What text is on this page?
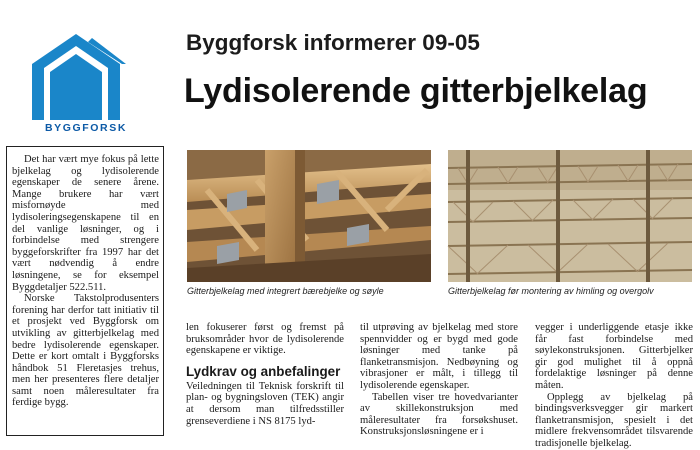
BYGGFORSK
Byggforsk informerer 09-05
Lydisolerende gitterbjelkelag

Det har vært mye fokus på lette bjelkelag og lydisolerende egenskaper de senere årene. Mange brukere har vært misfornøyde med lydisoleringsegenskapene til en del vanlige løsninger, og i forbindelse med strengere byggeforskrifter fra 1997 har det vært nødvendig å endre løsningene, se for eksempel Byggdetaljer 522.511.

Norske Takstolprodusenters forening har derfor tatt initiativ til et prosjekt ved Byggforsk om utvikling av gitterbjelkelag med bedre lydisolerende egenskaper. Dette er kort omtalt i Byggforsks håndbok 51 Fleretasjes trehus, men her presenteres flere detaljer samt noen måleresultater fra ferdige bygg.

Gitterbjelkelag med integrert bærebjelke og søyle	Gitterbjelkelag før montering av himling og overgolv

len fokuserer først og fremst på bruksområder hvor de lydisolerende egenskapene er viktige.

Lydkrav og anbefalinger

Veiledningen til Teknisk forskrift til plan- og bygningsloven (TEK) angir at dersom man tilfredsstiller grenseverdiene i NS 8175 lyd-

til utprøving av bjelkelag med store spennvidder og er bygd med gode løsninger med tanke på flanketransmisjon. Nedbøyning og vibrasjoner er målt, i tillegg til lydisolerende egenskaper.

Tabellen viser tre hovedvarianter av skillekonstruksjon med måleresultater fra forsøkshuset. Konstruksjonsløsningene er i

vegger i underliggende etasje ikke får fast forbindelse med søylekonstruksjonen. Gitterbjelker gir god mulighet til å oppnå fordelaktige løsninger på denne måten.

Opplegg av bjelkelag på bindingsverksvegger gir markert flanketransmisjon, spesielt i det midlere frekvensområdet tilsvarende tradisjonelle bjelkelag.
